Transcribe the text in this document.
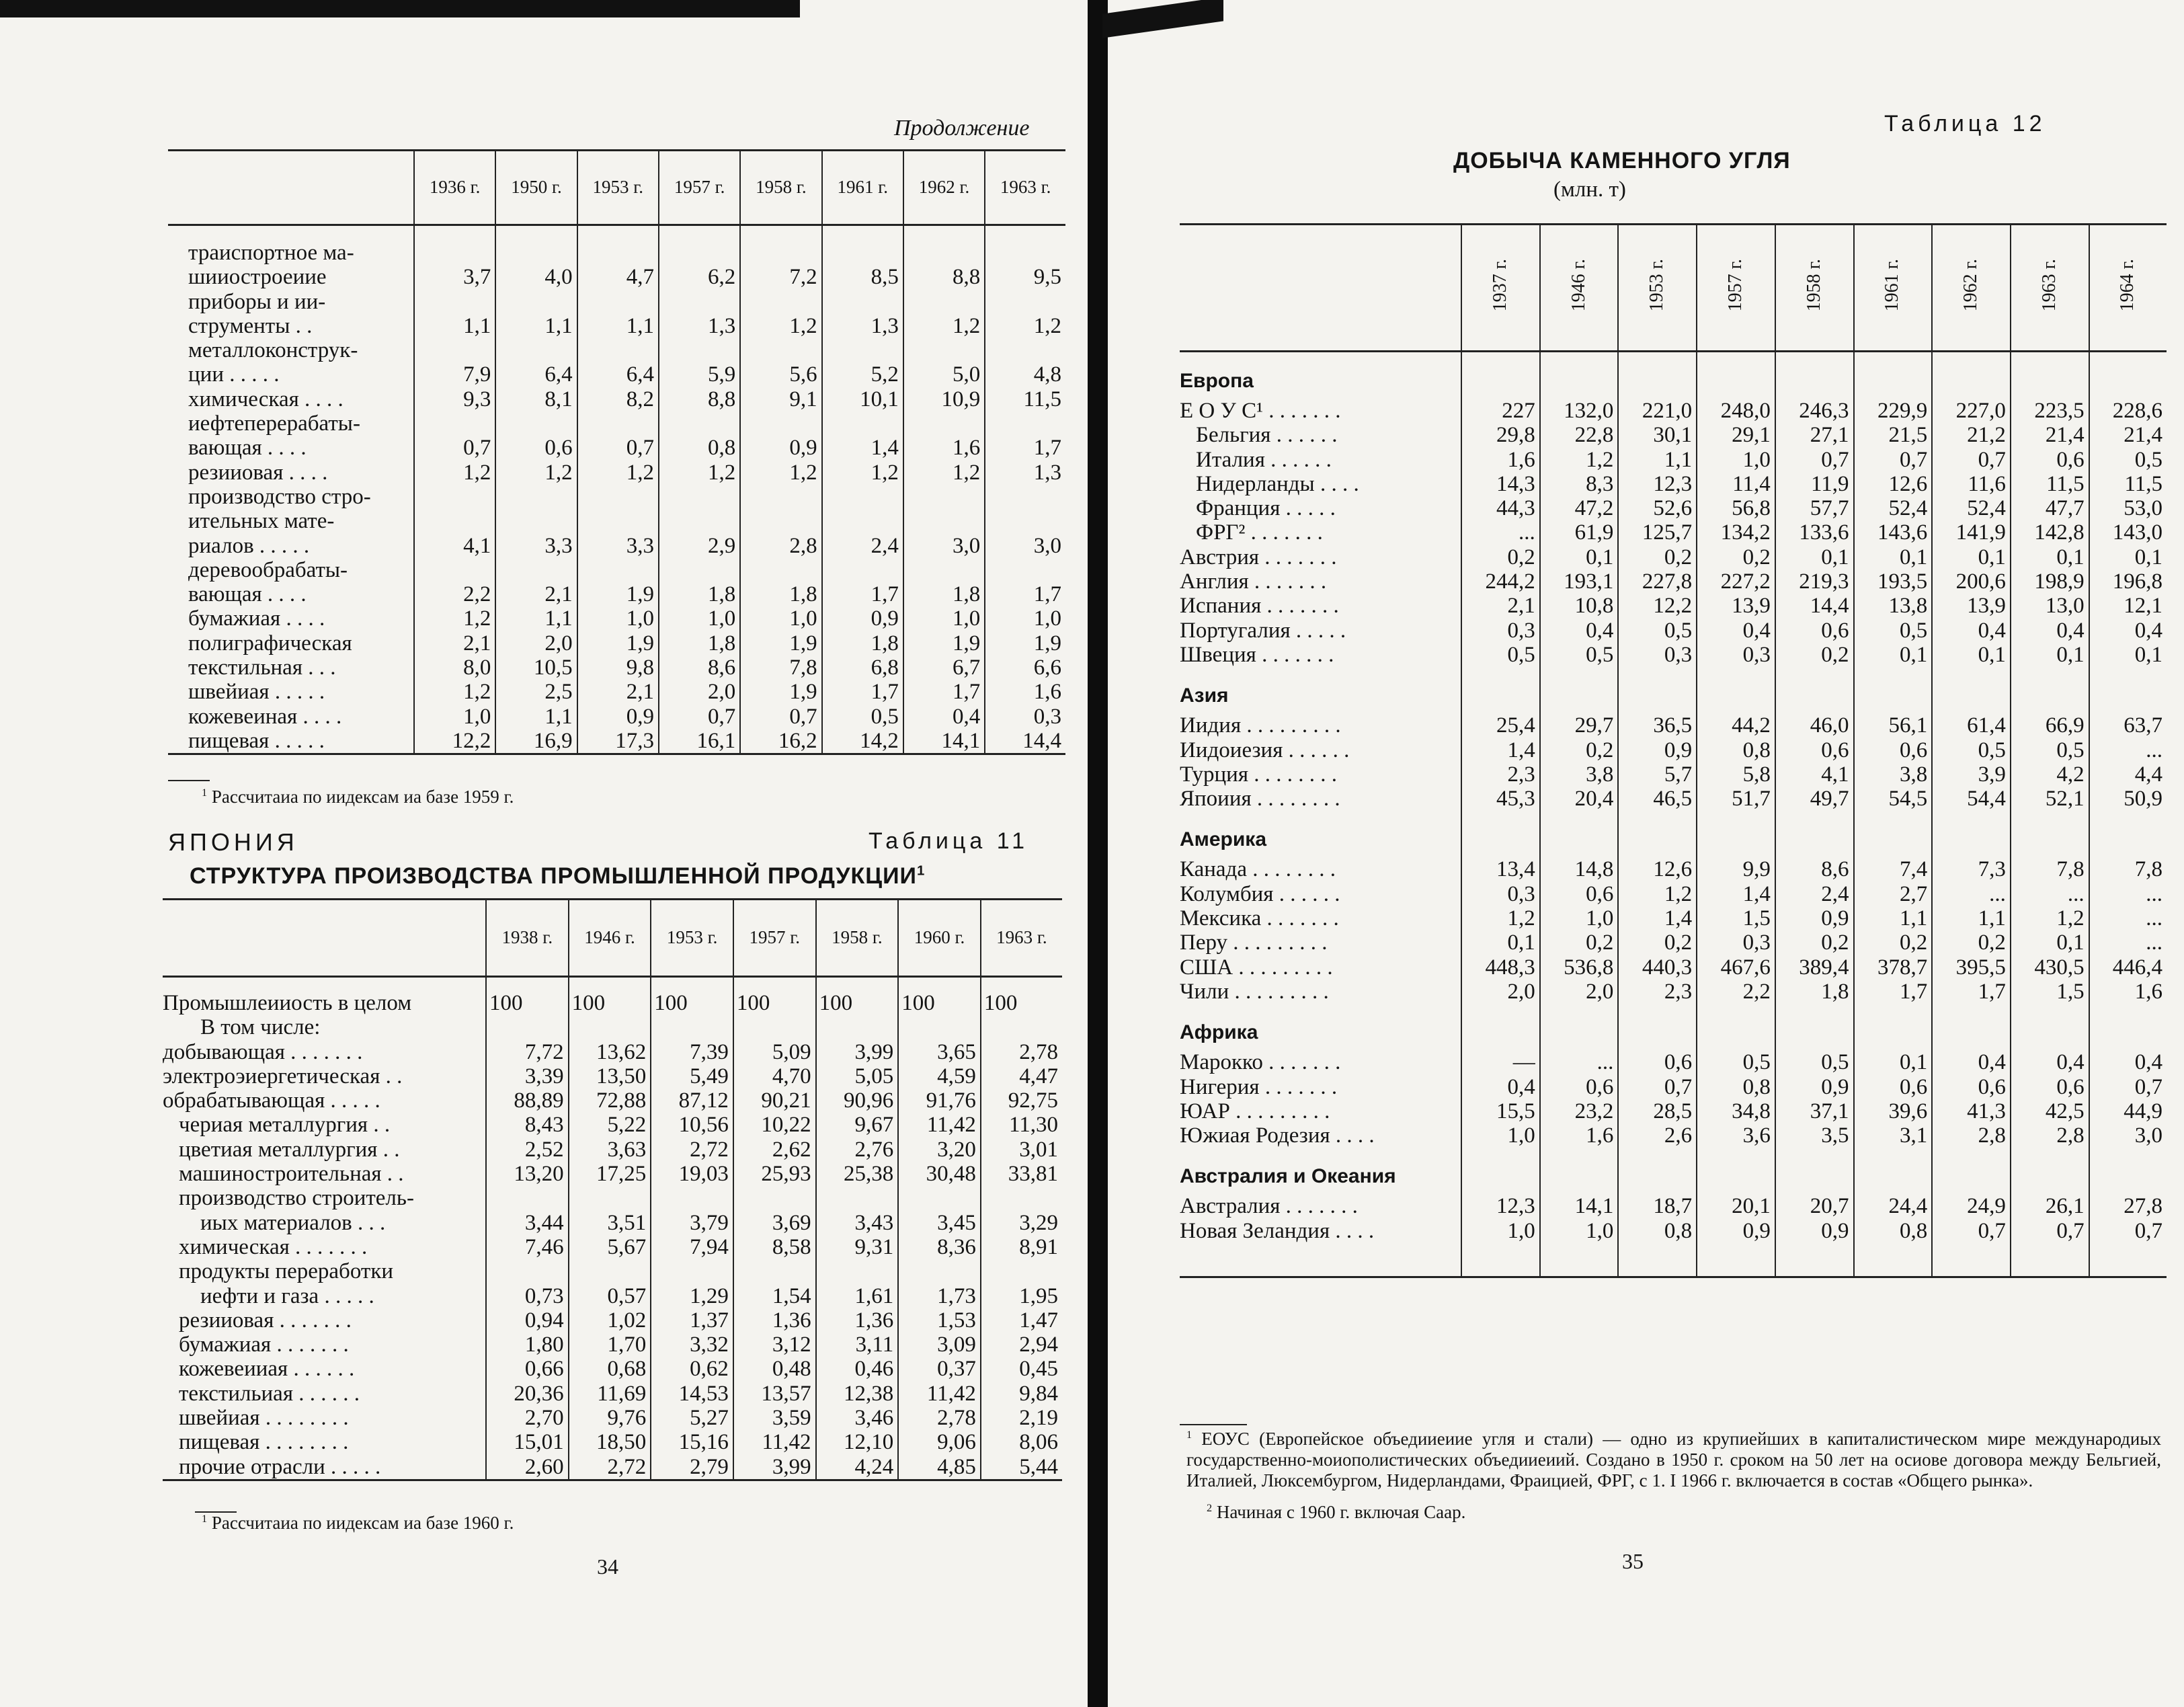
Продолжение
	1936 г.	1950 г.	1953 г.	1957 г.	1958 г.	1961 г.	1962 г.	1963 г.

траиспортное ма-
шииостроеиие	3,7	4,0	4,7	6,2	7,2	8,5	8,8	9,5

приборы и ии-
струменты . .	1,1	1,1	1,1	1,3	1,2	1,3	1,2	1,2

металлоконструк-
ции . . . . .	7,9	6,4	6,4	5,9	5,6	5,2	5,0	4,8

химическая . . . .	9,3	8,1	8,2	8,8	9,1	10,1	10,9	11,5

иефтеперерабаты-
вающая . . . .	0,7	0,6	0,7	0,8	0,9	1,4	1,6	1,7

резииовая . . . .	1,2	1,2	1,2	1,2	1,2	1,2	1,2	1,3

производство стро-
ительных мате-
риалов . . . . .	4,1	3,3	3,3	2,9	2,8	2,4	3,0	3,0

деревообрабаты-
вающая . . . .	2,2	2,1	1,9	1,8	1,8	1,7	1,8	1,7

бумажиая . . . .	1,2	1,1	1,0	1,0	1,0	0,9	1,0	1,0

полиграфическая	2,1	2,0	1,9	1,8	1,9	1,8	1,9	1,9

текстильная . . .	8,0	10,5	9,8	8,6	7,8	6,8	6,7	6,6

швейиая . . . . .	1,2	2,5	2,1	2,0	1,9	1,7	1,7	1,6

кожевеиная . . . .	1,0	1,1	0,9	0,7	0,7	0,5	0,4	0,3

пищевая . . . . .	12,2	16,9	17,3	16,1	16,2	14,2	14,1	14,4
$^1$ Рассчитаиа по иидексам иа базе 1959 г.
ЯПОНИЯ	Таблица 11
СТРУКТУРА ПРОИЗВОДСТВА ПРОМЫШЛЕННОЙ ПРОДУКЦИИ$^1$
	1938 г.	1946 г.	1953 г.	1957 г.	1958 г.	1960 г.	1963 г.
Промышлеииость в целом	100	100	100	100	100	100	100
В том числе:							
добывающая . . . . . . .	7,72	13,62	7,39	5,09	3,99	3,65	2,78
электроэиергетическая . .	3,39	13,50	5,49	4,70	5,05	4,59	4,47
обрабатывающая . . . . .	88,89	72,88	87,12	90,21	90,96	91,76	92,75
чериая металлургия . .	8,43	5,22	10,56	10,22	9,67	11,42	11,30
цветиая металлургия . .	2,52	3,63	2,72	2,62	2,76	3,20	3,01
машиностроительная . .	13,20	17,25	19,03	25,93	25,38	30,48	33,81
производство строитель-							
иых материалов . . .	3,44	3,51	3,79	3,69	3,43	3,45	3,29
химическая . . . . . . .	7,46	5,67	7,94	8,58	9,31	8,36	8,91
продукты переработки							
иефти и газа . . . . .	0,73	0,57	1,29	1,54	1,61	1,73	1,95
резииовая . . . . . . .	0,94	1,02	1,37	1,36	1,36	1,53	1,47
бумажиая . . . . . . .	1,80	1,70	3,32	3,12	3,11	3,09	2,94
кожевеииая . . . . . .	0,66	0,68	0,62	0,48	0,46	0,37	0,45
текстильиая . . . . . .	20,36	11,69	14,53	13,57	12,38	11,42	9,84
швейиая . . . . . . . .	2,70	9,76	5,27	3,59	3,46	2,78	2,19
пищевая . . . . . . . .	15,01	18,50	15,16	11,42	12,10	9,06	8,06
прочие отрасли . . . . .	2,60	2,72	2,79	3,99	4,24	4,85	5,44
$^1$ Рассчитаиа по иидексам иа базе 1960 г.
34
Таблица 12
ДОБЫЧА КАМЕННОГО УГЛЯ
(млн. т)
	1937 г.	1946 г.	1953 г.	1957 г.	1958 г.	1961 г.	1962 г.	1963 г.	1964 г.
Европа									
Е О У С¹ . . . . . . .	227	132,0	221,0	248,0	246,3	229,9	227,0	223,5	228,6
Бельгия . . . . . .	29,8	22,8	30,1	29,1	27,1	21,5	21,2	21,4	21,4
Италия . . . . . .	1,6	1,2	1,1	1,0	0,7	0,7	0,7	0,6	0,5
Нидерланды . . . .	14,3	8,3	12,3	11,4	11,9	12,6	11,6	11,5	11,5
Франция . . . . .	44,3	47,2	52,6	56,8	57,7	52,4	52,4	47,7	53,0
ФРГ² . . . . . . .	...	61,9	125,7	134,2	133,6	143,6	141,9	142,8	143,0
Австрия . . . . . . .	0,2	0,1	0,2	0,2	0,1	0,1	0,1	0,1	0,1
Англия . . . . . . .	244,2	193,1	227,8	227,2	219,3	193,5	200,6	198,9	196,8
Испания . . . . . . .	2,1	10,8	12,2	13,9	14,4	13,8	13,9	13,0	12,1
Португалия . . . . .	0,3	0,4	0,5	0,4	0,6	0,5	0,4	0,4	0,4
Швеция . . . . . . .	0,5	0,5	0,3	0,3	0,2	0,1	0,1	0,1	0,1
Азия									
Иидия . . . . . . . . .	25,4	29,7	36,5	44,2	46,0	56,1	61,4	66,9	63,7
Иидоиезия . . . . . .	1,4	0,2	0,9	0,8	0,6	0,6	0,5	0,5	...
Турция . . . . . . . .	2,3	3,8	5,7	5,8	4,1	3,8	3,9	4,2	4,4
Япоиия . . . . . . . .	45,3	20,4	46,5	51,7	49,7	54,5	54,4	52,1	50,9
Америка									
Канада . . . . . . . .	13,4	14,8	12,6	9,9	8,6	7,4	7,3	7,8	7,8
Колумбия . . . . . .	0,3	0,6	1,2	1,4	2,4	2,7	...	...	...
Мексика . . . . . . .	1,2	1,0	1,4	1,5	0,9	1,1	1,1	1,2	...
Перу . . . . . . . . .	0,1	0,2	0,2	0,3	0,2	0,2	0,2	0,1	...
США . . . . . . . . .	448,3	536,8	440,3	467,6	389,4	378,7	395,5	430,5	446,4
Чили . . . . . . . . .	2,0	2,0	2,3	2,2	1,8	1,7	1,7	1,5	1,6
Африка									
Марокко . . . . . . .	—	...	0,6	0,5	0,5	0,1	0,4	0,4	0,4
Нигерия . . . . . . .	0,4	0,6	0,7	0,8	0,9	0,6	0,6	0,6	0,7
ЮАР . . . . . . . . .	15,5	23,2	28,5	34,8	37,1	39,6	41,3	42,5	44,9
Южиая Родезия . . . .	1,0	1,6	2,6	3,6	3,5	3,1	2,8	2,8	3,0
Австралия и Океания									
Австралия . . . . . . .	12,3	14,1	18,7	20,1	20,7	24,4	24,9	26,1	27,8
Новая Зеландия . . . .	1,0	1,0	0,8	0,9	0,9	0,8	0,7	0,7	0,7

$^1$ ЕОУС (Европейское объедииеиие угля и стали) — одно из крупиейших в капиталистическом мире международиых государственно-моиополистических объедииеиий. Создано в 1950 г. сроком на 50 лет на осиове договора между Бельгией, Италией, Люксембургом, Нидерландами, Фраицией, ФРГ, с 1. I 1966 г. включается в состав «Общего рынка».
$^2$ Начиная с 1960 г. включая Саар.
35
